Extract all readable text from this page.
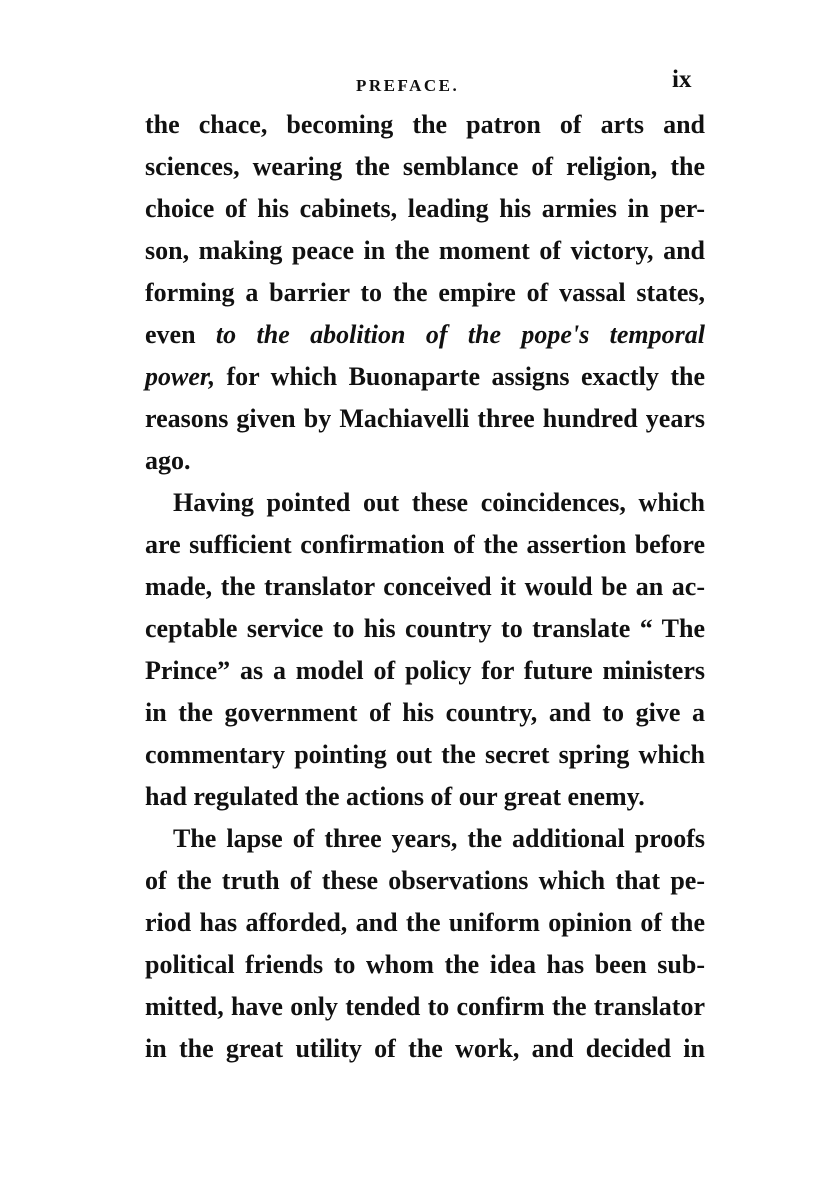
PREFACE.	ix
the chace, becoming the patron of arts and
sciences, wearing the semblance of religion, the
choice of his cabinets, leading his armies in per-
son, making peace in the moment of victory, and
forming a barrier to the empire of vassal states,
even to the abolition of the pope's temporal
power, for which Buonaparte assigns exactly the
reasons given by Machiavelli three hundred years
ago.
Having pointed out these coincidences, which
are sufficient confirmation of the assertion before
made, the translator conceived it would be an ac-
ceptable service to his country to translate “ The
Prince” as a model of policy for future ministers
in the government of his country, and to give a
commentary pointing out the secret spring which
had regulated the actions of our great enemy.
The lapse of three years, the additional proofs
of the truth of these observations which that pe-
riod has afforded, and the uniform opinion of the
political friends to whom the idea has been sub-
mitted, have only tended to confirm the translator
in the great utility of the work, and decided in
